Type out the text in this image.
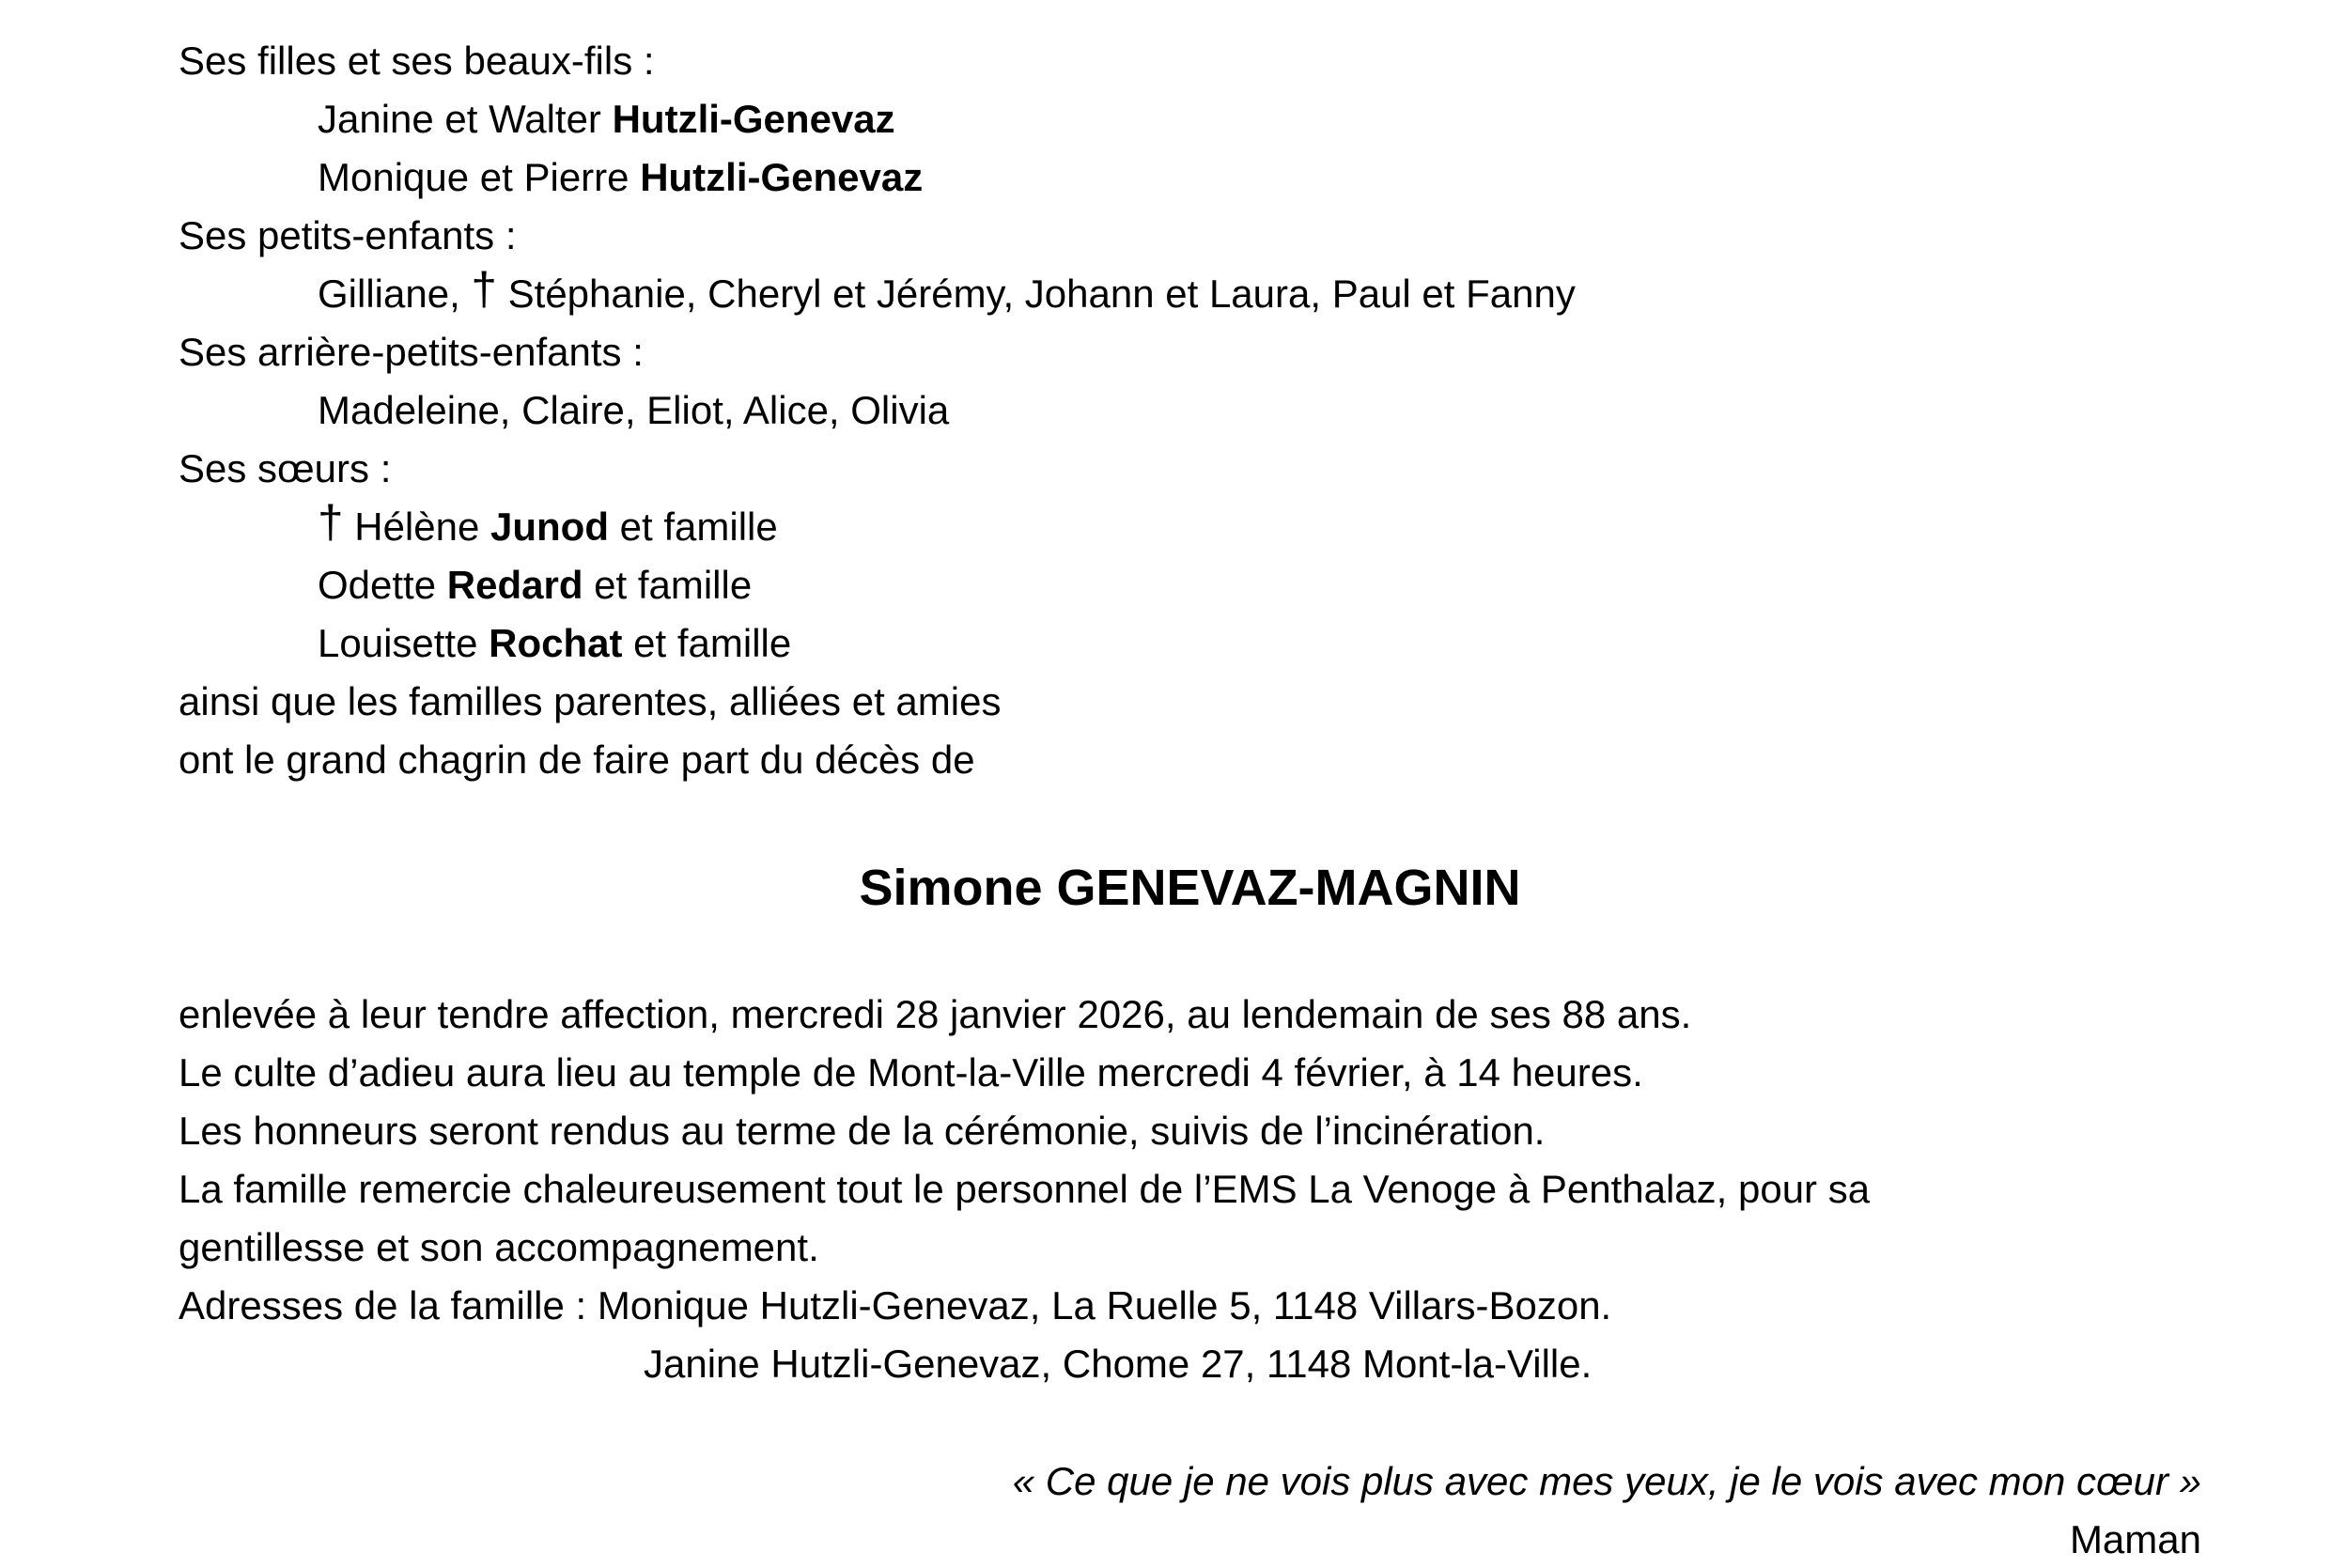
Ses filles et ses beaux-fils :
Janine et Walter Hutzli-Genevaz
Monique et Pierre Hutzli-Genevaz
Ses petits-enfants :
Gilliane, † Stéphanie, Cheryl et Jérémy, Johann et Laura, Paul et Fanny
Ses arrière-petits-enfants :
Madeleine, Claire, Eliot, Alice, Olivia
Ses sœurs :
† Hélène Junod et famille
Odette Redard et famille
Louisette Rochat et famille
ainsi que les familles parentes, alliées et amies
ont le grand chagrin de faire part du décès de
Simone GENEVAZ-MAGNIN
enlevée à leur tendre affection, mercredi 28 janvier 2026, au lendemain de ses 88 ans.
Le culte d’adieu aura lieu au temple de Mont-la-Ville mercredi 4 février, à 14 heures.
Les honneurs seront rendus au terme de la cérémonie, suivis de l’incinération.
La famille remercie chaleureusement tout le personnel de l’EMS La Venoge à Penthalaz, pour sa
gentillesse et son accompagnement.
Adresses de la famille : Monique Hutzli-Genevaz, La Ruelle 5, 1148 Villars-Bozon.
Janine Hutzli-Genevaz, Chome 27, 1148 Mont-la-Ville.
« Ce que je ne vois plus avec mes yeux, je le vois avec mon cœur »
Maman
